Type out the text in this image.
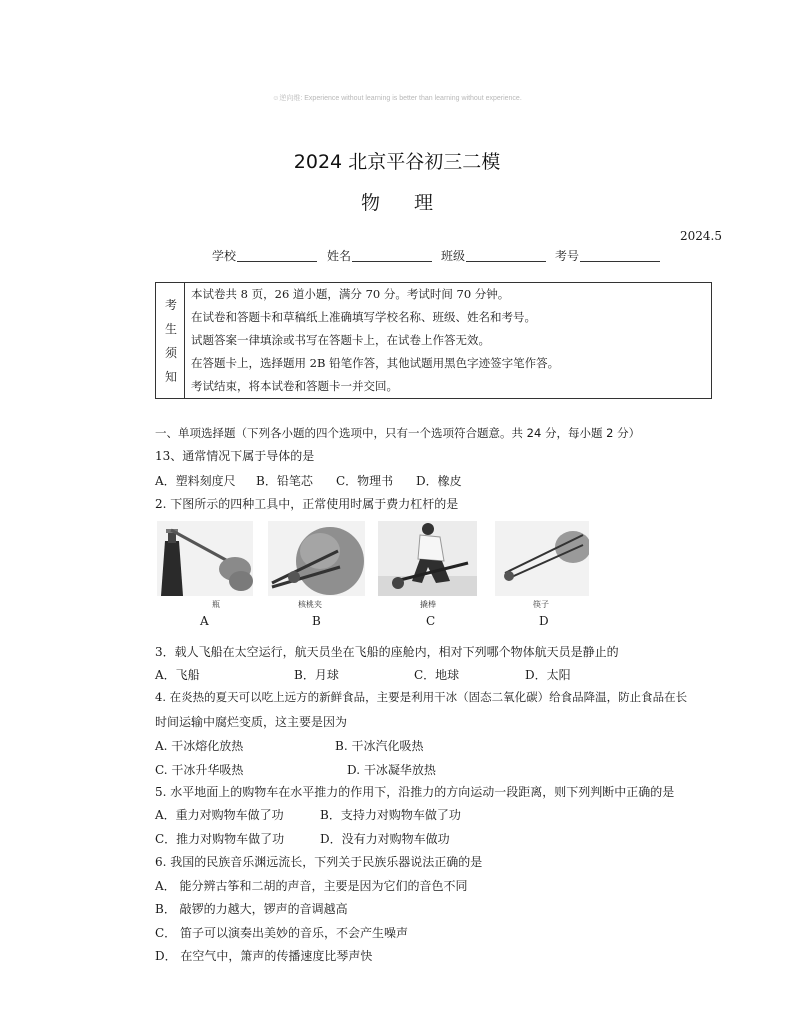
☺逆向维: Experience without learning is better than learning without experience.
2024 北京平谷初三二模
物理
2024.5
学校	姓名	班级	考号
考
生
须
知
本试卷共 8 页，26 道小题，满分 70 分。考试时间 70 分钟。
在试卷和答题卡和草稿纸上准确填写学校名称、班级、姓名和考号。
试题答案一律填涂或书写在答题卡上，在试卷上作答无效。
在答题卡上，选择题用 2B 铅笔作答，其他试题用黑色字迹签字笔作答。
考试结束，将本试卷和答题卡一并交回。
一、单项选择题（下列各小题的四个选项中，只有一个选项符合题意。共 24 分，每小题 2 分）
13、通常情况下属于导体的是
A．塑料刻度尺 B．铅笔芯 C．物理书 D．橡皮
2. 下图所示的四种工具中，正常使用时属于费力杠杆的是
瓶	核桃夹	撬棒	筷子
A	B	C	D
3．载人飞船在太空运行，航天员坐在飞船的座舱内，相对下列哪个物体航天员是静止的
A．飞船	B．月球	C．地球	D．太阳
4. 在炎热的夏天可以吃上远方的新鲜食品，主要是利用干冰（固态二氧化碳）给食品降温，防止食品在长
时间运输中腐烂变质，这主要是因为
A. 干冰熔化放热	B. 干冰汽化吸热
C. 干冰升华吸热	D. 干冰凝华放热
5. 水平地面上的购物车在水平推力的作用下，沿推力的方向运动一段距离，则下列判断中正确的是
A．重力对购物车做了功	B．支持力对购物车做了功
C．推力对购物车做了功	D．没有力对购物车做功
6. 我国的民族音乐渊远流长，下列关于民族乐器说法正确的是
A． 能分辨古筝和二胡的声音，主要是因为它们的音色不同
B． 敲锣的力越大，锣声的音调越高
C． 笛子可以演奏出美妙的音乐，不会产生噪声
D． 在空气中，箫声的传播速度比琴声快
